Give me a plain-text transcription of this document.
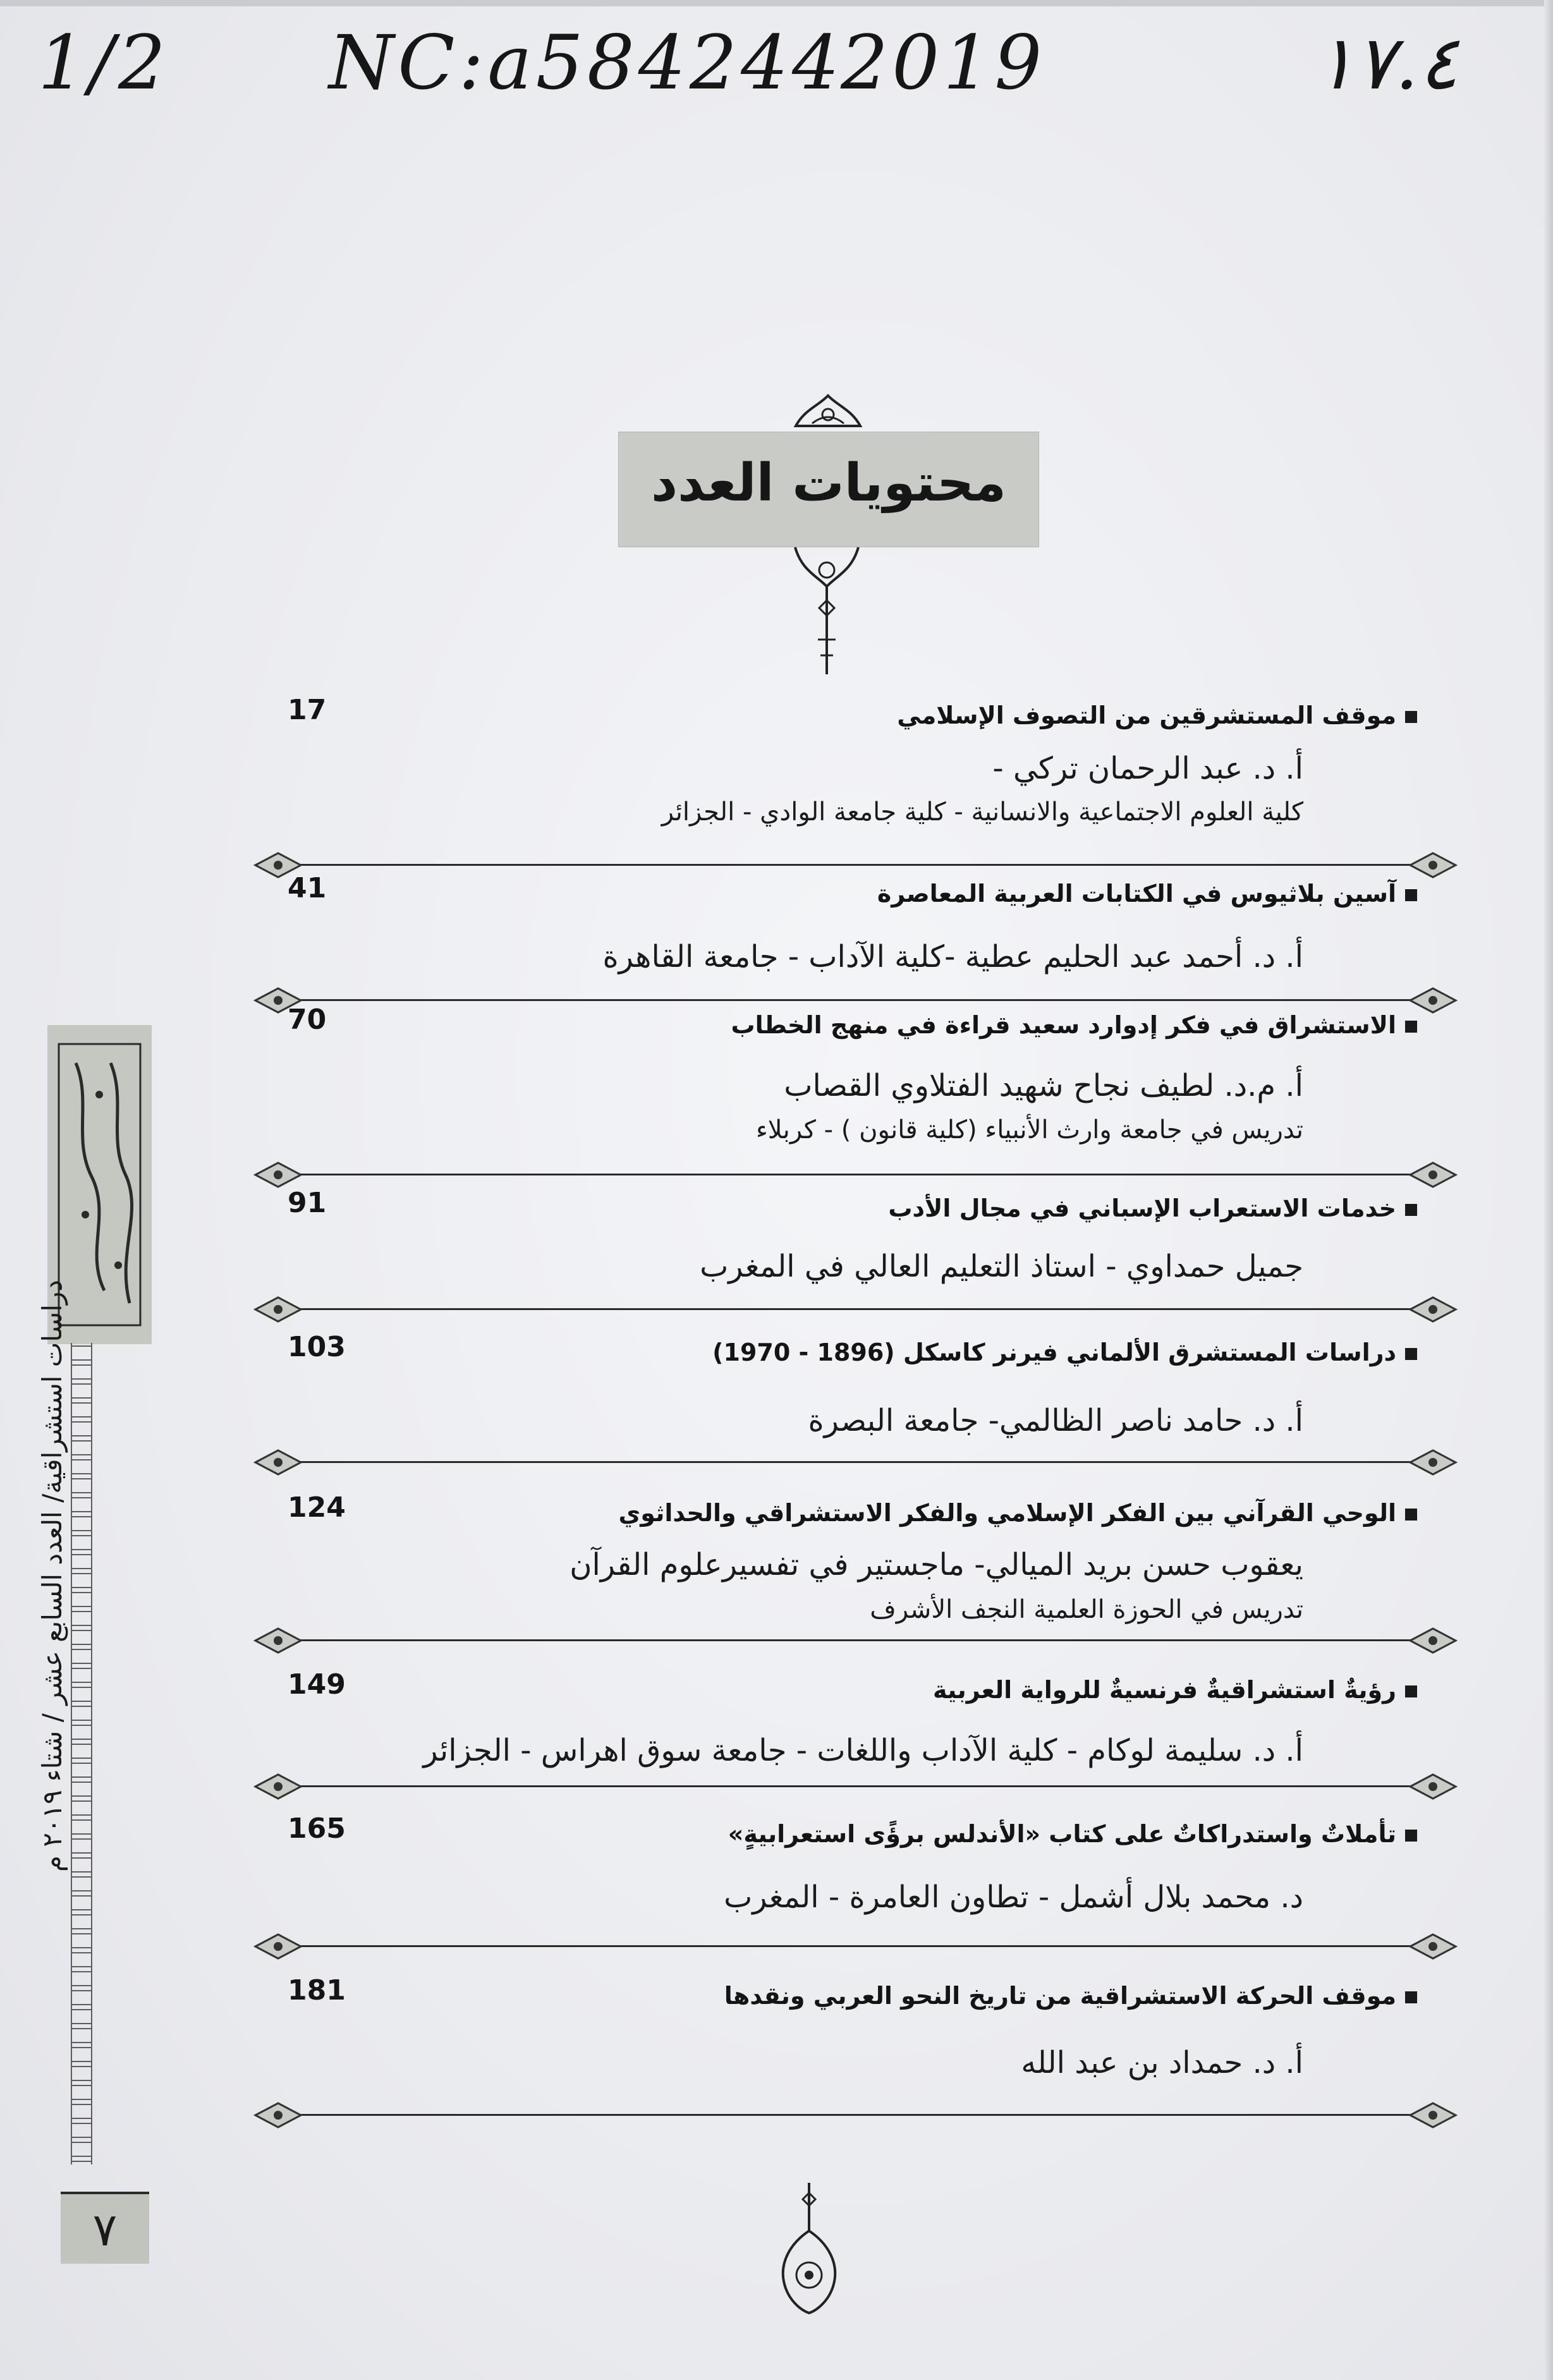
1/2 NC:a584244
2019	١٧.٤
محتويات العدد
موقف المستشرقين من التصوف الإسلامي
17
أ. د. عبد الرحمان تركي -
كلية العلوم الاجتماعية والانسانية - كلية جامعة الوادي - الجزائر
آسين بلاثيوس في الكتابات العربية المعاصرة
41
أ. د. أحمد عبد الحليم عطية -كلية الآداب - جامعة القاهرة
الاستشراق في فكر إدوارد سعيد قراءة في منهج الخطاب
70
أ. م.د. لطيف نجاح شهيد الفتلاوي القصاب
تدريس في جامعة وارث الأنبياء (كلية قانون ) - كربلاء
خدمات الاستعراب الإسباني في مجال الأدب
91
جميل حمداوي - استاذ التعليم العالي في المغرب
دراسات المستشرق الألماني فيرنر كاسكل (1896 - 1970)
103
أ. د. حامد ناصر الظالمي- جامعة البصرة
الوحي القرآني بين الفكر الإسلامي والفكر الاستشراقي والحداثوي
124
يعقوب حسن بريد الميالي- ماجستير في تفسيرعلوم القرآن
تدريس في الحوزة العلمية النجف الأشرف
رؤيةٌ استشراقيةٌ فرنسيةٌ للرواية العربية
149
أ. د. سليمة لوكام - كلية الآداب واللغات - جامعة سوق اهراس - الجزائر
تأملاتٌ واستدراكاتٌ على كتاب «الأندلس برؤًى استعرابيةٍ»
165
د. محمد بلال أشمل - تطاون العامرة - المغرب
موقف الحركة الاستشراقية من تاريخ النحو العربي ونقدها
181
أ. د. حمداد بن عبد الله
دراسات استشراقية/ العدد السابع عشر / شتاء ٢٠١٩ م
٧
